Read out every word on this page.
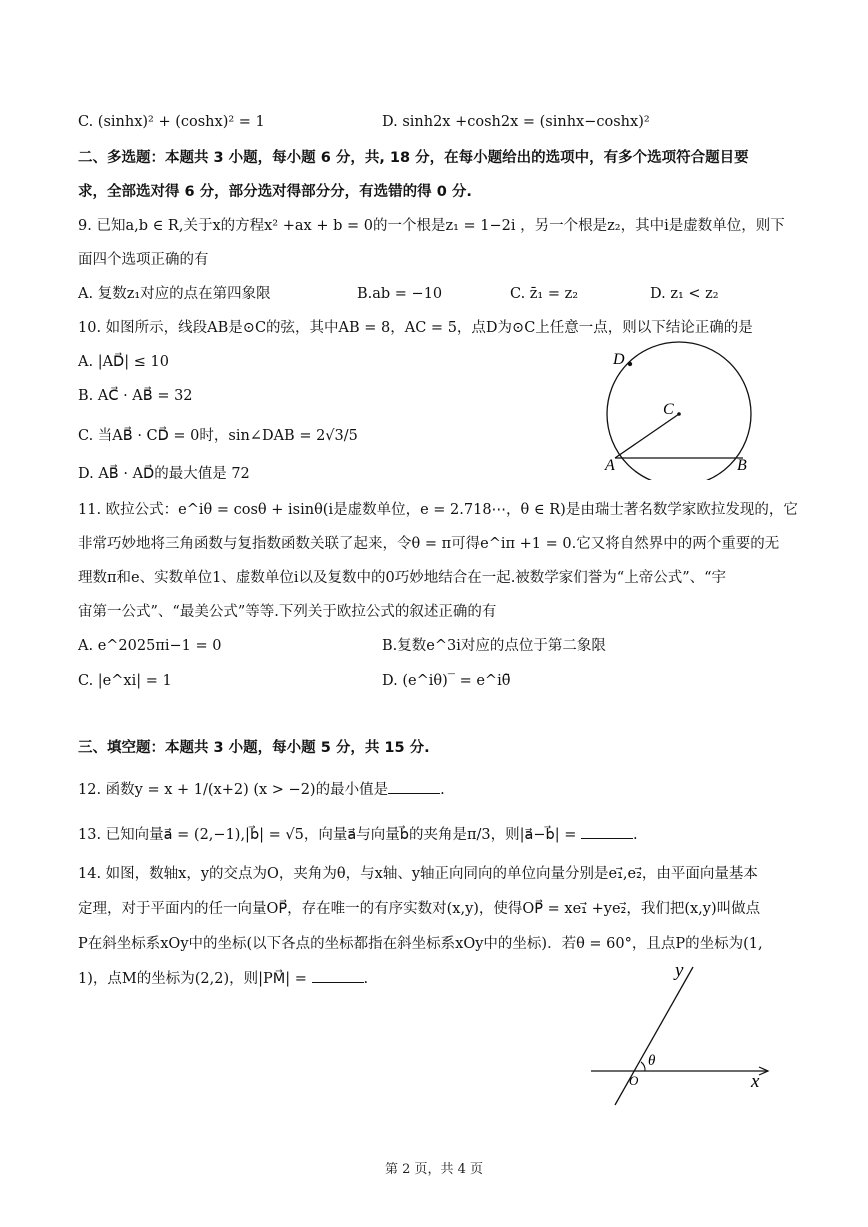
C. (sinhx)² + (coshx)² = 1	D. sinh2x +cosh2x = (sinhx−coshx)²
二、多选题：本题共 3 小题，每小题 6 分，共, 18 分，在每小题给出的选项中，有多个选项符合题目要
求，全部选对得 6 分，部分选对得部分分，有选错的得 0 分.
9. 已知a,b ∈ R,关于x的方程x² +ax + b = 0的一个根是z₁ = 1−2i ，另一个根是z₂，其中i是虚数单位，则下
面四个选项正确的有
A. 复数z₁对应的点在第四象限	B.ab = −10	C. z̄₁ = z₂	D. z₁ < z₂
10. 如图所示，线段AB是⊙C的弦，其中AB = 8，AC = 5，点D为⊙C上任意一点，则以下结论正确的是
A. |AD⃗| ≤ 10
B. AC⃗ · AB⃗ = 32
C. 当AB⃗ · CD⃗ = 0时，sin∠DAB = 2√3/5
D. AB⃗ · AD⃗的最大值是 72
D
C
A	B
11. 欧拉公式：e^iθ = cosθ + isinθ(i是虚数单位，e = 2.718⋯，θ ∈ R)是由瑞士著名数学家欧拉发现的，它
非常巧妙地将三角函数与复指数函数关联了起来，令θ = π可得e^iπ +1 = 0.它又将自然界中的两个重要的无
理数π和e、实数单位1、虚数单位i以及复数中的0巧妙地结合在一起.被数学家们誉为“上帝公式”、“宇
宙第一公式”、“最美公式”等等.下列关于欧拉公式的叙述正确的有
A. e^2025πi−1 = 0	B.复数e^3i对应的点位于第二象限
C. |e^xi| = 1	D. (e^iθ)‾ = e^iθ̄
三、填空题：本题共 3 小题，每小题 5 分，共 15 分.
12. 函数y = x + 1/(x+2) (x > −2)的最小值是	.
13. 已知向量a⃗ = (2,−1),|b⃗| = √5，向量a⃗与向量b⃗的夹角是π/3，则|a⃗−b⃗| =	.
14. 如图，数轴x，y的交点为O，夹角为θ，与x轴、y轴正向同向的单位向量分别是e₁⃗,e₂⃗，由平面向量基本
定理，对于平面内的任一向量OP⃗，存在唯一的有序实数对(x,y)，使得OP⃗ = xe₁⃗ +ye₂⃗，我们把(x,y)叫做点
P在斜坐标系xOy中的坐标(以下各点的坐标都指在斜坐标系xOy中的坐标)．若θ = 60°，且点P的坐标为(1,
1)，点M的坐标为(2,2)，则|PM⃗| =	.	y
x
θ
O
第 2 页，共 4 页
